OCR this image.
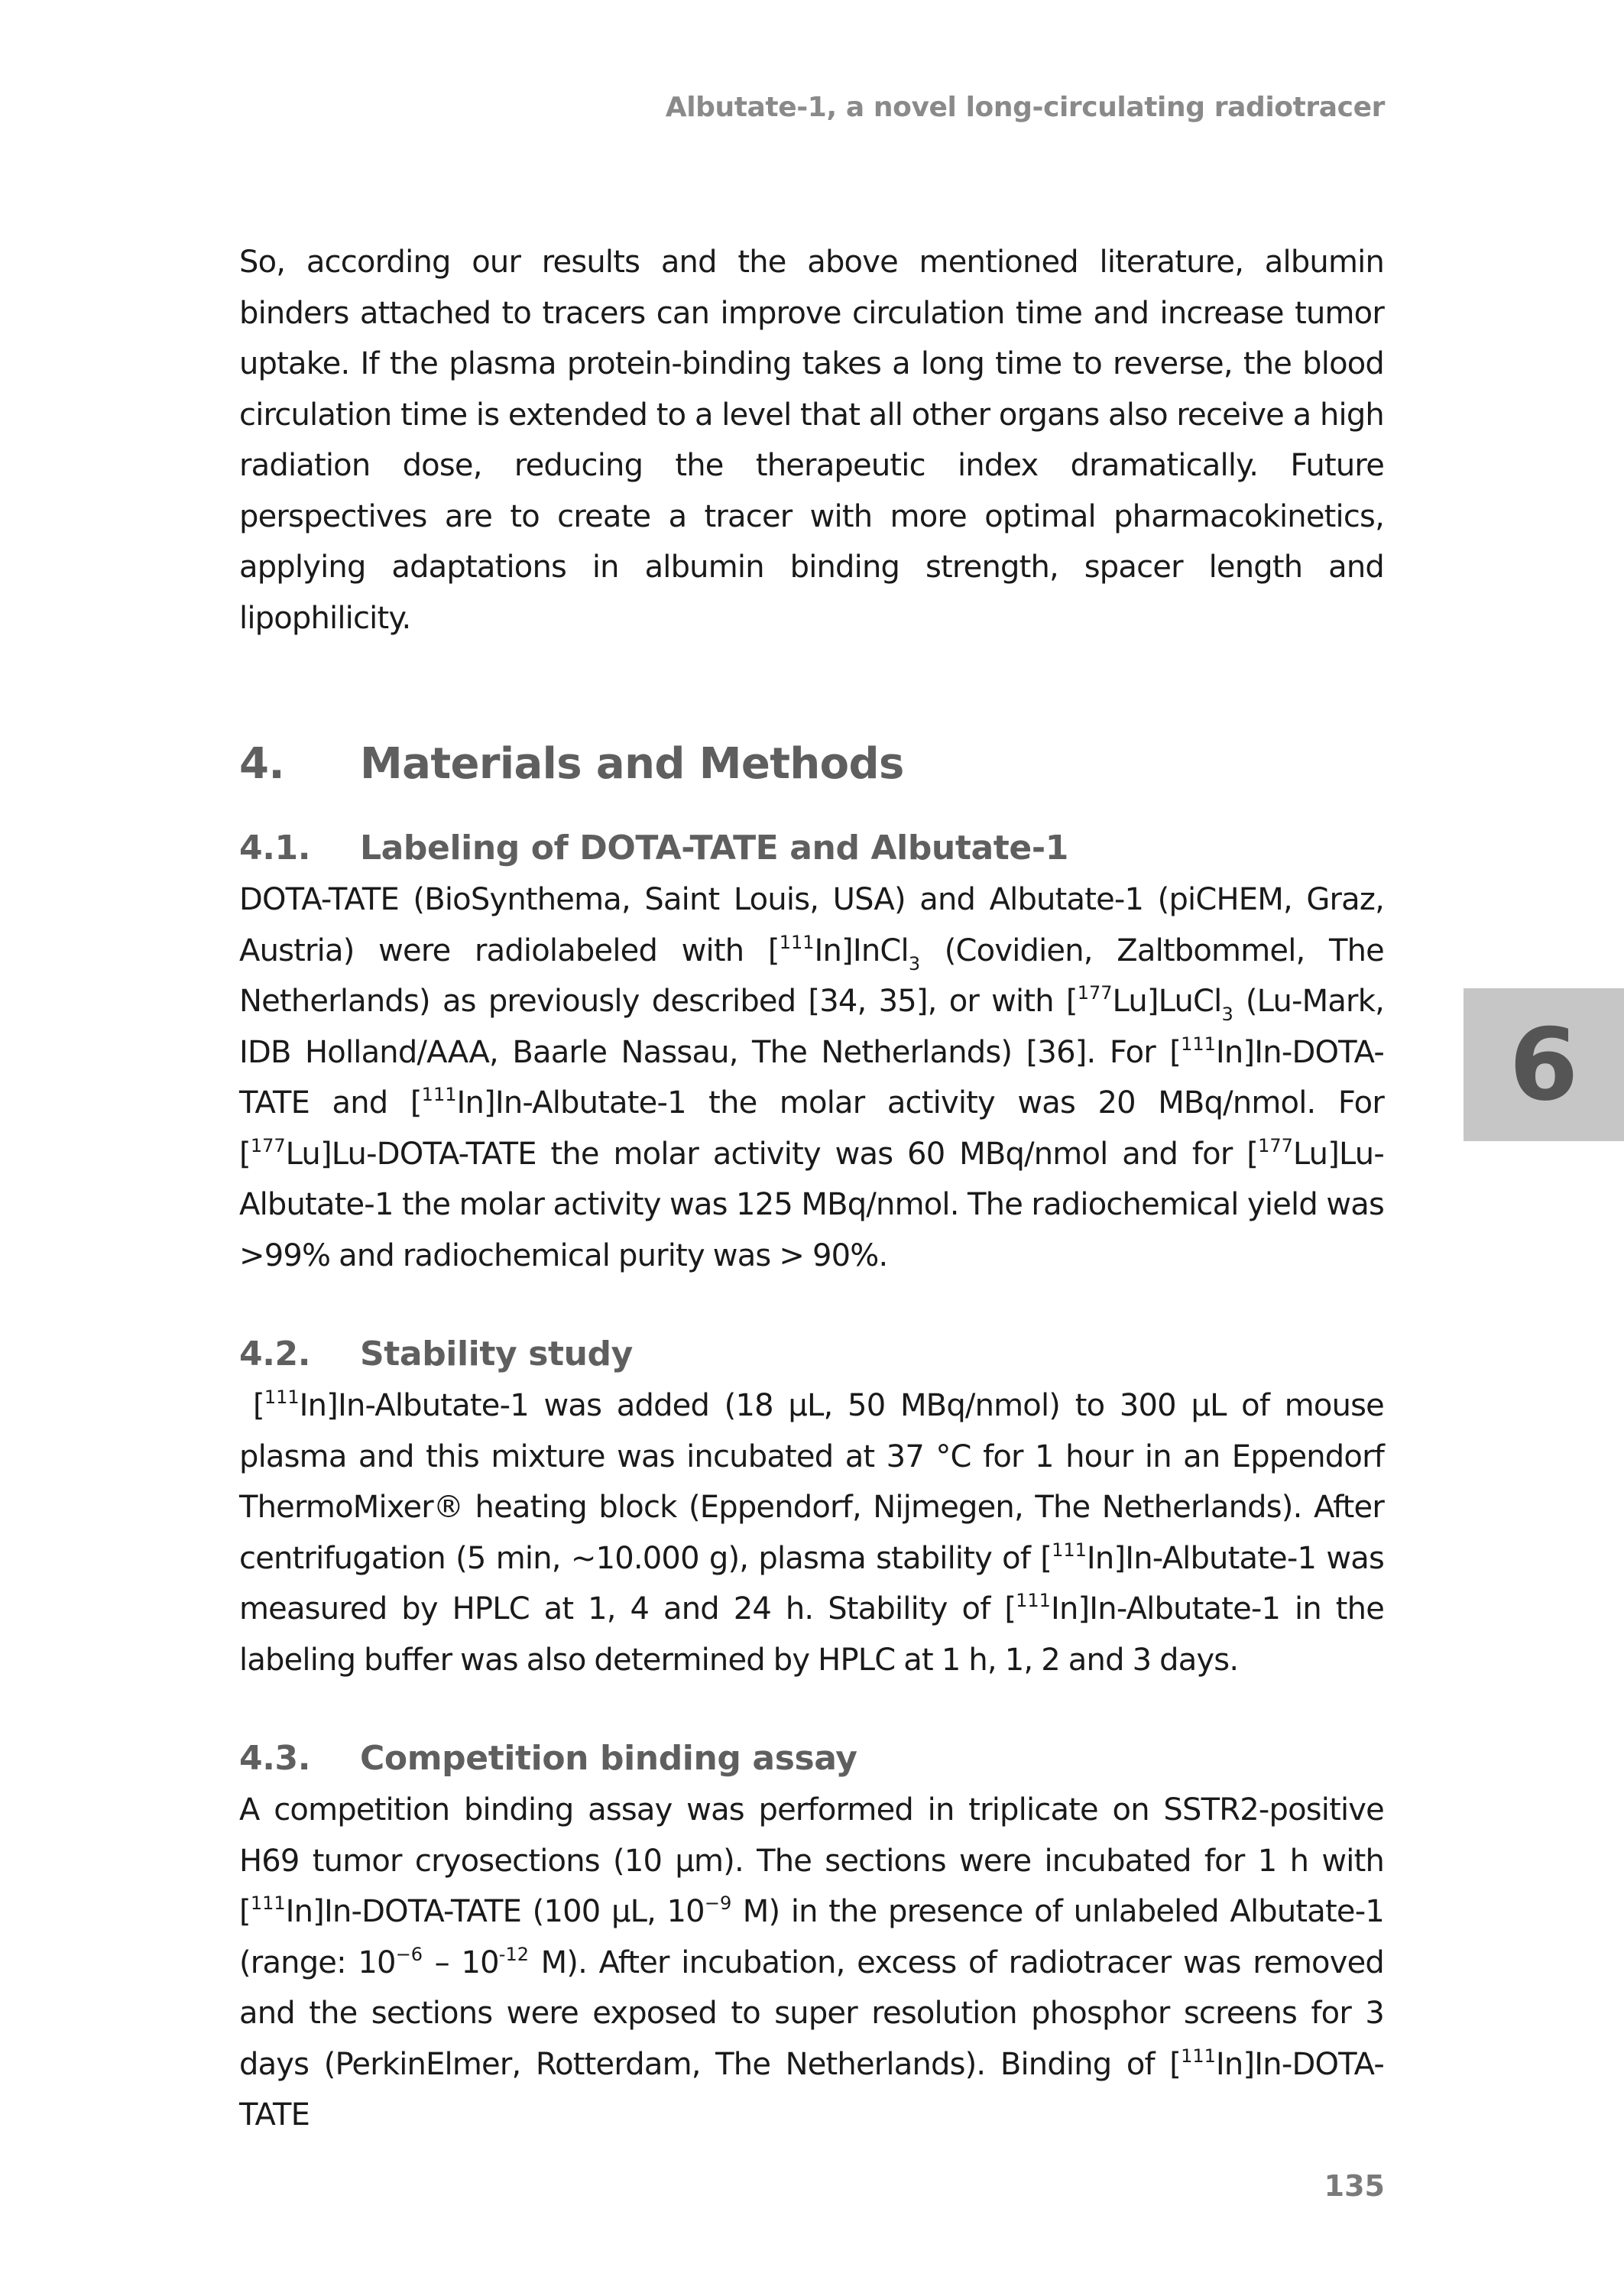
Albutate-1, a novel long-circulating radiotracer

So, according our results and the above mentioned literature, albumin binders attached to tracers can improve circulation time and increase tumor uptake. If the plasma protein-binding takes a long time to reverse, the blood circulation time is extended to a level that all other organs also receive a high radiation dose, reducing the therapeutic index dramatically. Future perspectives are to create a tracer with more optimal pharmacokinetics, applying adaptations in albumin binding strength, spacer length and lipophilicity.

4.	Materials and Methods
4.1.	Labeling of DOTA-TATE and Albutate-1

DOTA-TATE (BioSynthema, Saint Louis, USA) and Albutate-1 (piCHEM, Graz, Austria) were radiolabeled with [$^{111}$In]InCl$_3$ (Covidien, Zaltbommel, The Netherlands) as previously described [34, 35], or with [$^{177}$Lu]LuCl$_3$ (Lu-Mark, IDB Holland/AAA, Baarle Nassau, The Netherlands) [36]. For [$^{111}$In]In-DOTA-TATE and [$^{111}$In]In-Albutate-1 the molar activity was 20 MBq/nmol. For [$^{177}$Lu]Lu-DOTA-TATE the molar activity was 60 MBq/nmol and for [$^{177}$Lu]Lu-Albutate-1 the molar activity was 125 MBq/nmol. The radiochemical yield was >99% and radiochemical purity was > 90%.

4.2.	Stability study

[$^{111}$In]In-Albutate-1 was added (18 µL, 50 MBq/nmol) to 300 µL of mouse plasma and this mixture was incubated at 37 °C for 1 hour in an Eppendorf ThermoMixer® heating block (Eppendorf, Nijmegen, The Netherlands). After centrifugation (5 min, ~10.000 g), plasma stability of [$^{111}$In]In-Albutate-1 was measured by HPLC at 1, 4 and 24 h. Stability of [$^{111}$In]In-Albutate-1 in the labeling buffer was also determined by HPLC at 1 h, 1, 2 and 3 days.

4.3.	Competition binding assay

A competition binding assay was performed in triplicate on SSTR2-positive H69 tumor cryosections (10 µm). The sections were incubated for 1 h with [$^{111}$In]In-DOTA-TATE (100 µL, $10^{-9}$ M) in the presence of unlabeled Albutate-1 (range: $10^{-6} - 10^{-12}$ M). After incubation, excess of radiotracer was removed and the sections were exposed to super resolution phosphor screens for 3 days (PerkinElmer, Rotterdam, The Netherlands). Binding of [$^{111}$In]In-DOTA-TATE

6
135
